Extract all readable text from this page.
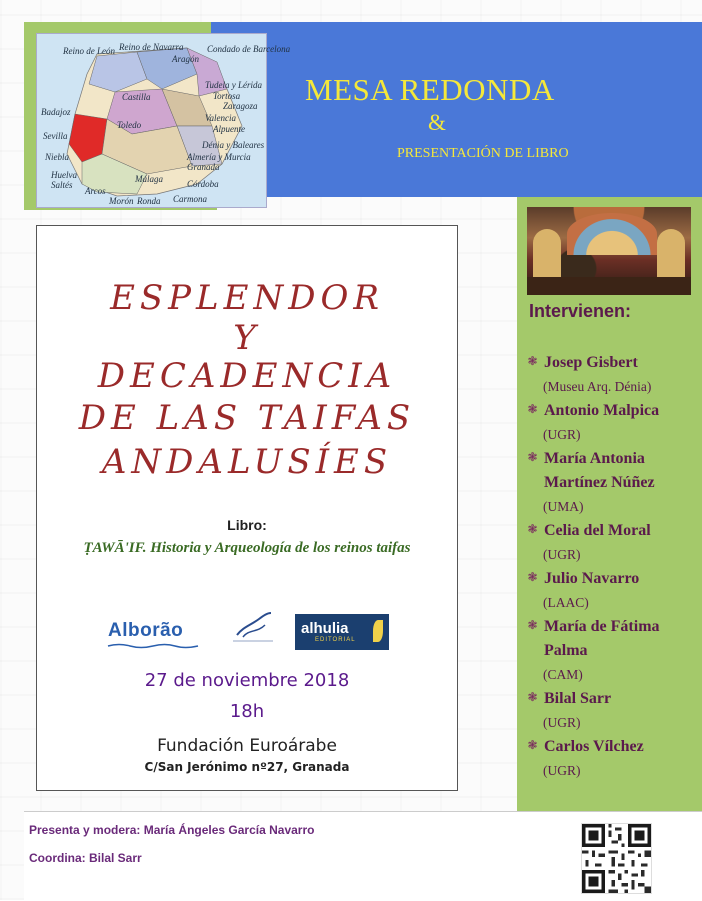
Reino de León Reino de Navarra
Aragón
Condado de Barcelona
Castilla
Tudela y Lérida
Tortosa
Zaragoza
Badajoz
Toledo
Valencia
Alpuente
Sevilla
Dénia y Baleares
Niebla	Almería y Murcia
Huelva
Saltés
Málaga
Granada
Córdoba
Arcos
Morón Ronda Carmona
MESA REDONDA
&
PRESENTACIÓN DE LIBRO
Intervienen:
❃ Josep Gisbert
(Museu Arq. Dénia)
❃ Antonio Malpica
(UGR)
❃ María Antonia
Martínez Núñez
(UMA)
❃ Celia del Moral
(UGR)
❃ Julio Navarro
(LAAC)
❃ María de Fátima
Palma
(CAM)
❃ Bilal Sarr
(UGR)
❃ Carlos Vílchez
(UGR)
ESPLENDOR
Y
DECADENCIA
DE LAS TAIFAS
ANDALUSÍES
Libro:
ṬAWĀ'IF. Historia y Arqueología de los reinos taifas
Alborão	alhulia
EDITORIAL
27 de noviembre 2018
18h
Fundación Euroárabe
C/San Jerónimo nº27, Granada
Presenta y modera: María Ángeles García Navarro
Coordina: Bilal Sarr
